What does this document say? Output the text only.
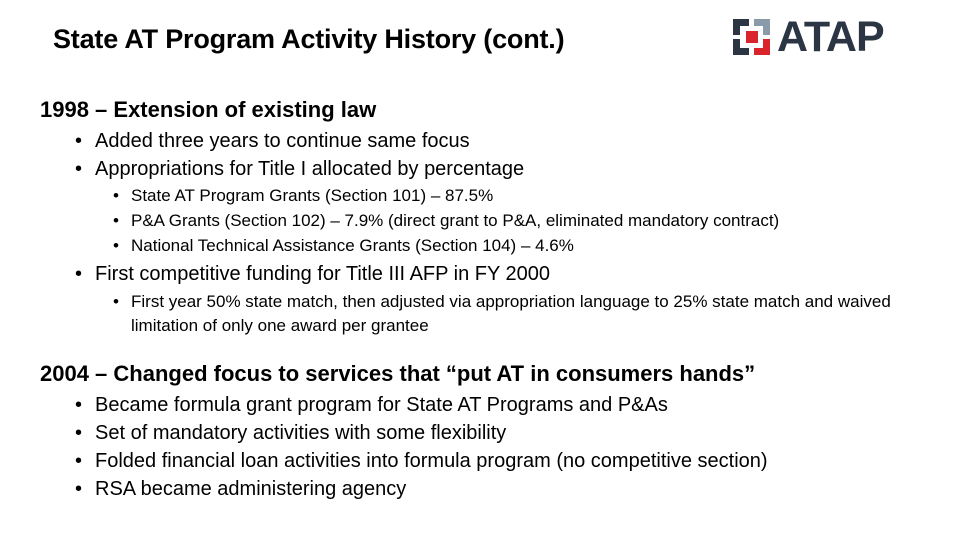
State AT Program Activity History (cont.)	ATAP
1998 – Extension of existing law
• Added three years to continue same focus
• Appropriations for Title I allocated by percentage
• State AT Program Grants (Section 101) – 87.5%
• P&A Grants (Section 102) – 7.9% (direct grant to P&A, eliminated mandatory contract)
• National Technical Assistance Grants (Section 104) – 4.6%
• First competitive funding for Title III AFP in FY 2000
• First year 50% state match, then adjusted via appropriation language to 25% state match and waived limitation of only one award per grantee
2004 – Changed focus to services that “put AT in consumers hands”
• Became formula grant program for State AT Programs and P&As
• Set of mandatory activities with some flexibility
• Folded financial loan activities into formula program (no competitive section)
• RSA became administering agency
